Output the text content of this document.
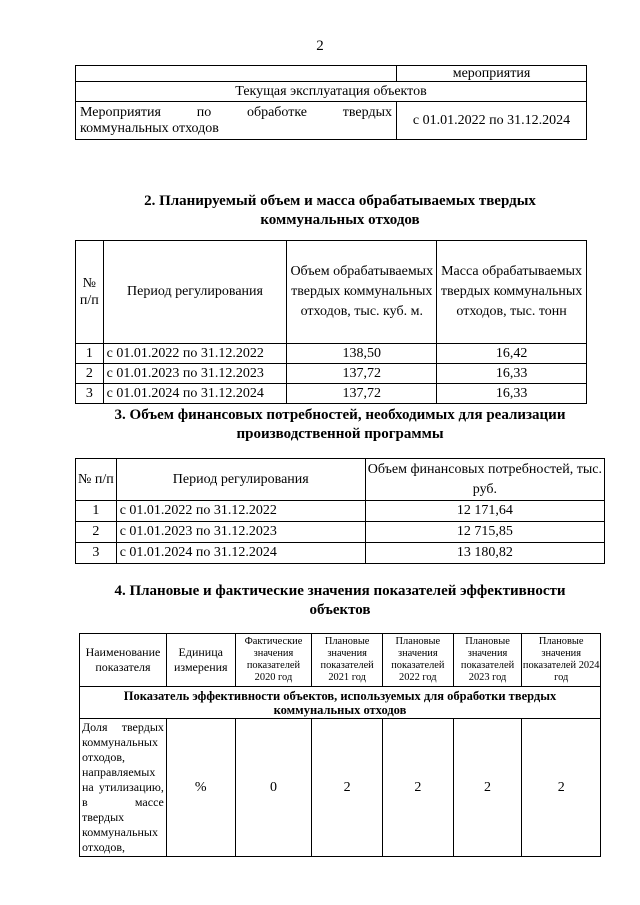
2
	мероприятия
Текущая эксплуатация объектов	

Мероприятия по обработке твердых
коммунальных отходов	с 01.01.2022 по 31.12.2024
2. Планируемый объем и масса обрабатываемых твердых
коммунальных отходов
№ п/п	Период регулирования	Объем обрабатываемых твердых коммунальных отходов, тыс. куб. м.	Масса обрабатываемых твердых коммунальных отходов, тыс. тонн
1	с 01.01.2022 по 31.12.2022	138,50	16,42
2	с 01.01.2023 по 31.12.2023	137,72	16,33
3	с 01.01.2024 по 31.12.2024	137,72	16,33
3. Объем финансовых потребностей, необходимых для реализации
производственной программы
№ п/п	Период регулирования	Объем финансовых потребностей, тыс. руб.
1	с 01.01.2022 по 31.12.2022	12 171,64
2	с 01.01.2023 по 31.12.2023	12 715,85
3	с 01.01.2024 по 31.12.2024	13 180,82
4. Плановые и фактические значения показателей эффективности
объектов
Наименование показателя	Единица измерения	Фактические значения показателей 2020 год	Плановые значения показателей 2021 год	Плановые значения показателей 2022 год	Плановые значения показателей 2023 год	Плановые значения показателей 2024 год
Показатель эффективности объектов, используемых для обработки твердых коммунальных отходов						
Доля твердых коммунальных отходов, направляемых на утилизацию, в массе твердых коммунальных отходов,	%	0	2	2	2	2
